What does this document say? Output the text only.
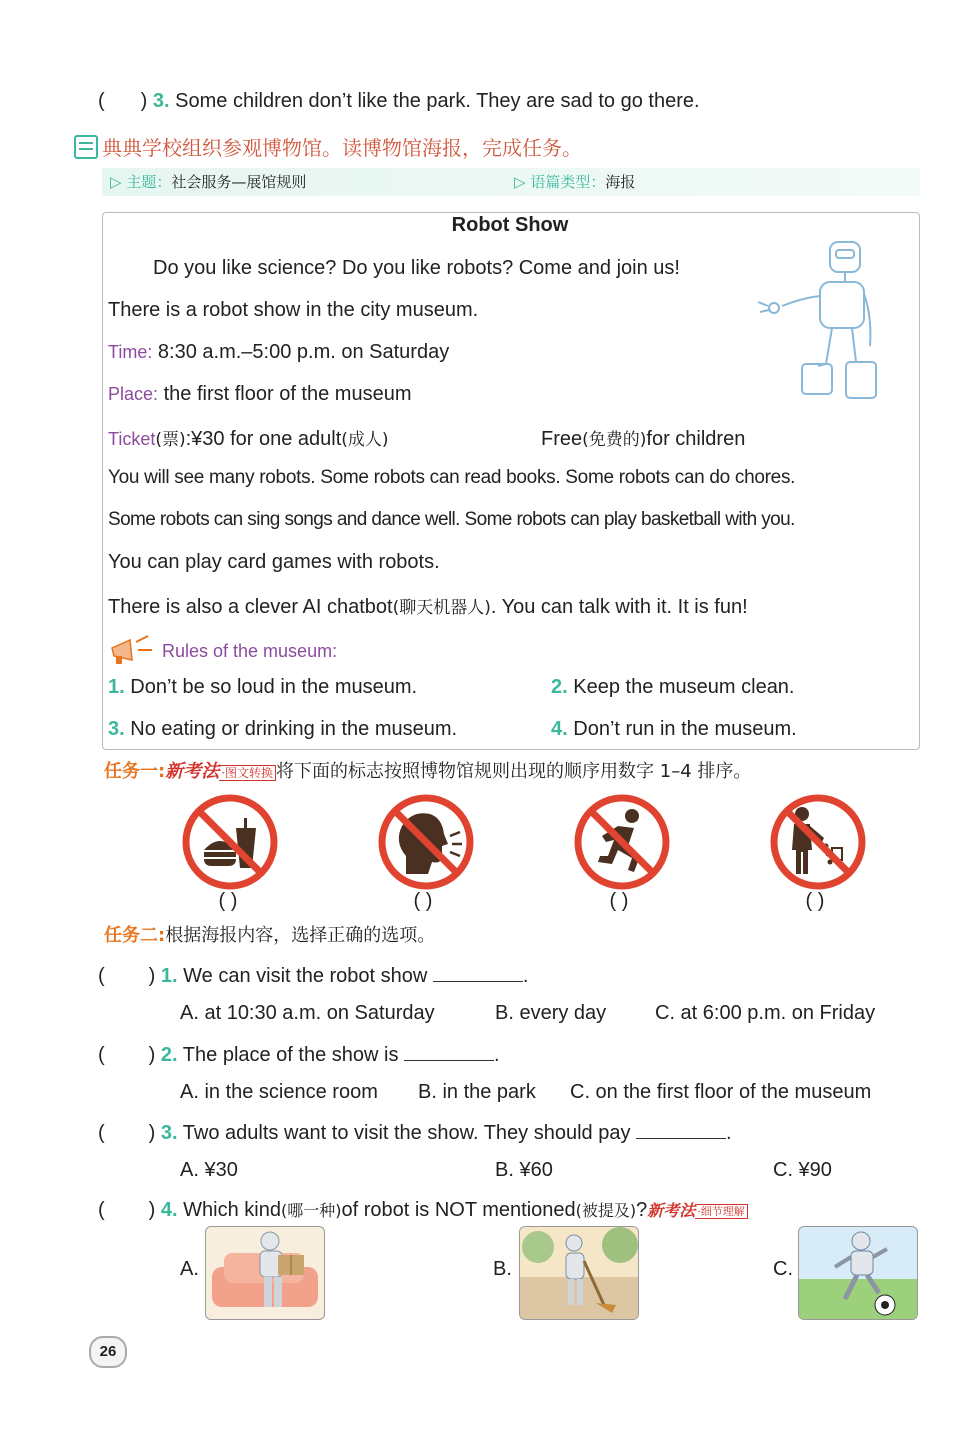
( ) 3. Some children don’t like the park. They are sad to go there.
典典学校组织参观博物馆。读博物馆海报，完成任务。
▷ 主题：社会服务—展馆规则	▷ 语篇类型：海报
Robot Show
Do you like science? Do you like robots? Come and join us!
There is a robot show in the city museum.
Time: 8:30 a.m.–5:00 p.m. on Saturday
Place: the first floor of the museum
Ticket(票):¥30 for one adult(成人)	Free(免费的)for children
You will see many robots. Some robots can read books. Some robots can do chores.
Some robots can sing songs and dance well. Some robots can play basketball with you.
You can play card games with robots.
There is also a clever AI chatbot(聊天机器人). You can talk with it. It is fun!
Rules of the museum:
1. Don’t be so loud in the museum.	2. Keep the museum clean.
3. No eating or drinking in the museum.	4. Don’t run in the museum.
任务一:新考法 ·图文转换 将下面的标志按照博物馆规则出现的顺序用数字 1–4 排序。
( )	( )	( )	( )
任务二:根据海报内容，选择正确的选项。
( ) 1. We can visit the robot show	.
A. at 10:30 a.m. on Saturday	B. every day C. at 6:00 p.m. on Friday
( ) 2. The place of the show is	.
A. in the science room B. in the park C. on the first floor of the museum
( ) 3. Two adults want to visit the show. They should pay	.
A. ¥30	B. ¥60	C. ¥90
( ) 4. Which kind(哪一种)of robot is NOT mentioned(被提及)?新考法 ·细节理解
A.	B.	C.
26
